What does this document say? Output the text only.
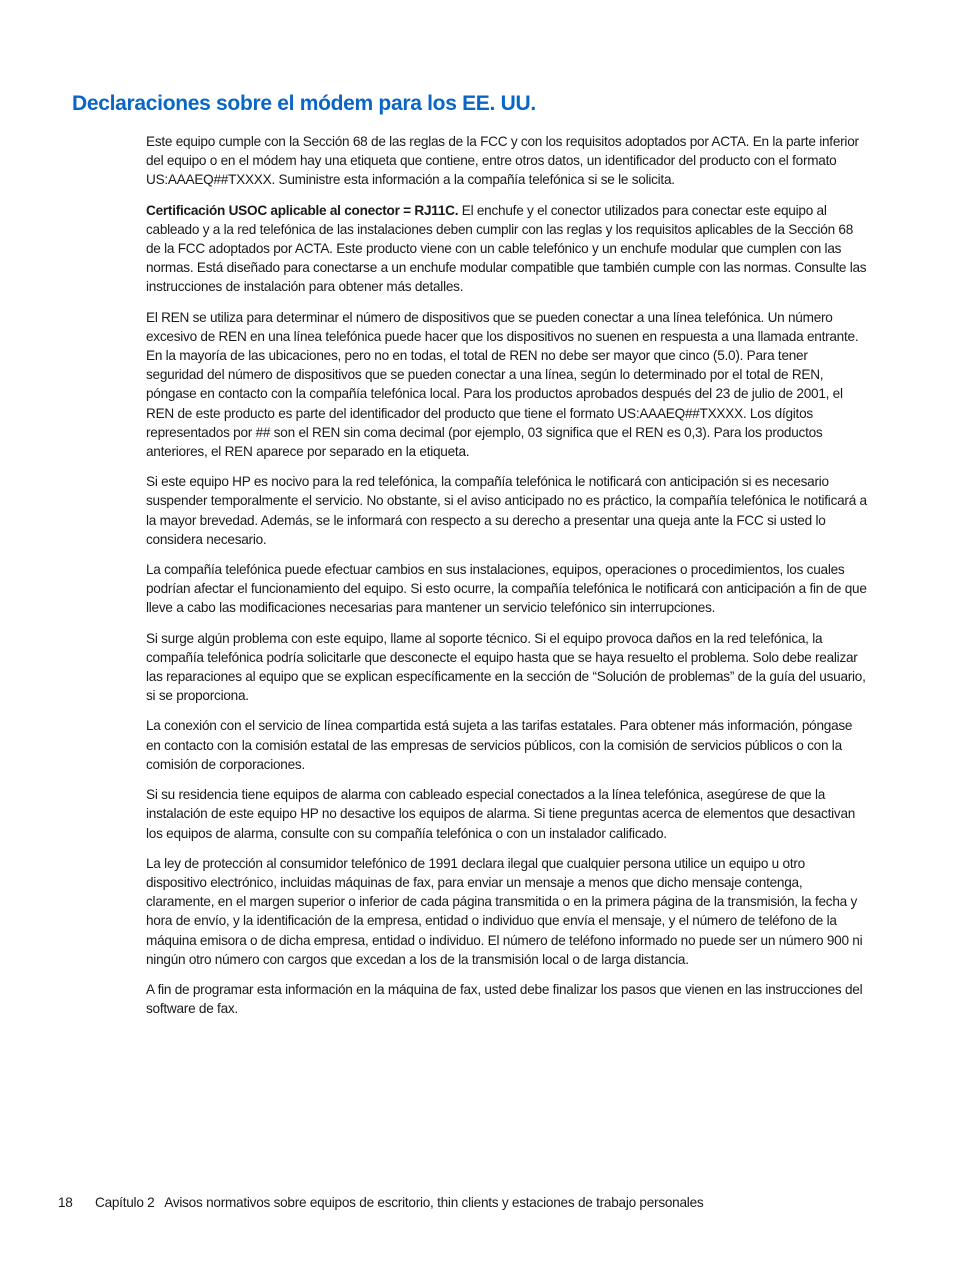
Declaraciones sobre el módem para los EE. UU.

Este equipo cumple con la Sección 68 de las reglas de la FCC y con los requisitos adoptados por ACTA. En la parte inferior del equipo o en el módem hay una etiqueta que contiene, entre otros datos, un identificador del producto con el formato US:AAAEQ##TXXXX. Suministre esta información a la compañía telefónica si se le solicita.

Certificación USOC aplicable al conector = RJ11C. El enchufe y el conector utilizados para conectar este equipo al cableado y a la red telefónica de las instalaciones deben cumplir con las reglas y los requisitos aplicables de la Sección 68 de la FCC adoptados por ACTA. Este producto viene con un cable telefónico y un enchufe modular que cumplen con las normas. Está diseñado para conectarse a un enchufe modular compatible que también cumple con las normas. Consulte las instrucciones de instalación para obtener más detalles.

El REN se utiliza para determinar el número de dispositivos que se pueden conectar a una línea telefónica. Un número excesivo de REN en una línea telefónica puede hacer que los dispositivos no suenen en respuesta a una llamada entrante. En la mayoría de las ubicaciones, pero no en todas, el total de REN no debe ser mayor que cinco (5.0). Para tener seguridad del número de dispositivos que se pueden conectar a una línea, según lo determinado por el total de REN, póngase en contacto con la compañía telefónica local. Para los productos aprobados después del 23 de julio de 2001, el REN de este producto es parte del identificador del producto que tiene el formato US:AAAEQ##TXXXX. Los dígitos representados por ## son el REN sin coma decimal (por ejemplo, 03 significa que el REN es 0,3). Para los productos anteriores, el REN aparece por separado en la etiqueta.

Si este equipo HP es nocivo para la red telefónica, la compañía telefónica le notificará con anticipación si es necesario suspender temporalmente el servicio. No obstante, si el aviso anticipado no es práctico, la compañía telefónica le notificará a la mayor brevedad. Además, se le informará con respecto a su derecho a presentar una queja ante la FCC si usted lo considera necesario.

La compañía telefónica puede efectuar cambios en sus instalaciones, equipos, operaciones o procedimientos, los cuales podrían afectar el funcionamiento del equipo. Si esto ocurre, la compañía telefónica le notificará con anticipación a fin de que lleve a cabo las modificaciones necesarias para mantener un servicio telefónico sin interrupciones.

Si surge algún problema con este equipo, llame al soporte técnico. Si el equipo provoca daños en la red telefónica, la compañía telefónica podría solicitarle que desconecte el equipo hasta que se haya resuelto el problema. Solo debe realizar las reparaciones al equipo que se explican específicamente en la sección de “Solución de problemas” de la guía del usuario, si se proporciona.

La conexión con el servicio de línea compartida está sujeta a las tarifas estatales. Para obtener más información, póngase en contacto con la comisión estatal de las empresas de servicios públicos, con la comisión de servicios públicos o con la comisión de corporaciones.

Si su residencia tiene equipos de alarma con cableado especial conectados a la línea telefónica, asegúrese de que la instalación de este equipo HP no desactive los equipos de alarma. Si tiene preguntas acerca de elementos que desactivan los equipos de alarma, consulte con su compañía telefónica o con un instalador calificado.

La ley de protección al consumidor telefónico de 1991 declara ilegal que cualquier persona utilice un equipo u otro dispositivo electrónico, incluidas máquinas de fax, para enviar un mensaje a menos que dicho mensaje contenga, claramente, en el margen superior o inferior de cada página transmitida o en la primera página de la transmisión, la fecha y hora de envío, y la identificación de la empresa, entidad o individuo que envía el mensaje, y el número de teléfono de la máquina emisora o de dicha empresa, entidad o individuo. El número de teléfono informado no puede ser un número 900 ni ningún otro número con cargos que excedan a los de la transmisión local o de larga distancia.

A fin de programar esta información en la máquina de fax, usted debe finalizar los pasos que vienen en las instrucciones del software de fax.

18 Capítulo 2 Avisos normativos sobre equipos de escritorio, thin clients y estaciones de trabajo personales
